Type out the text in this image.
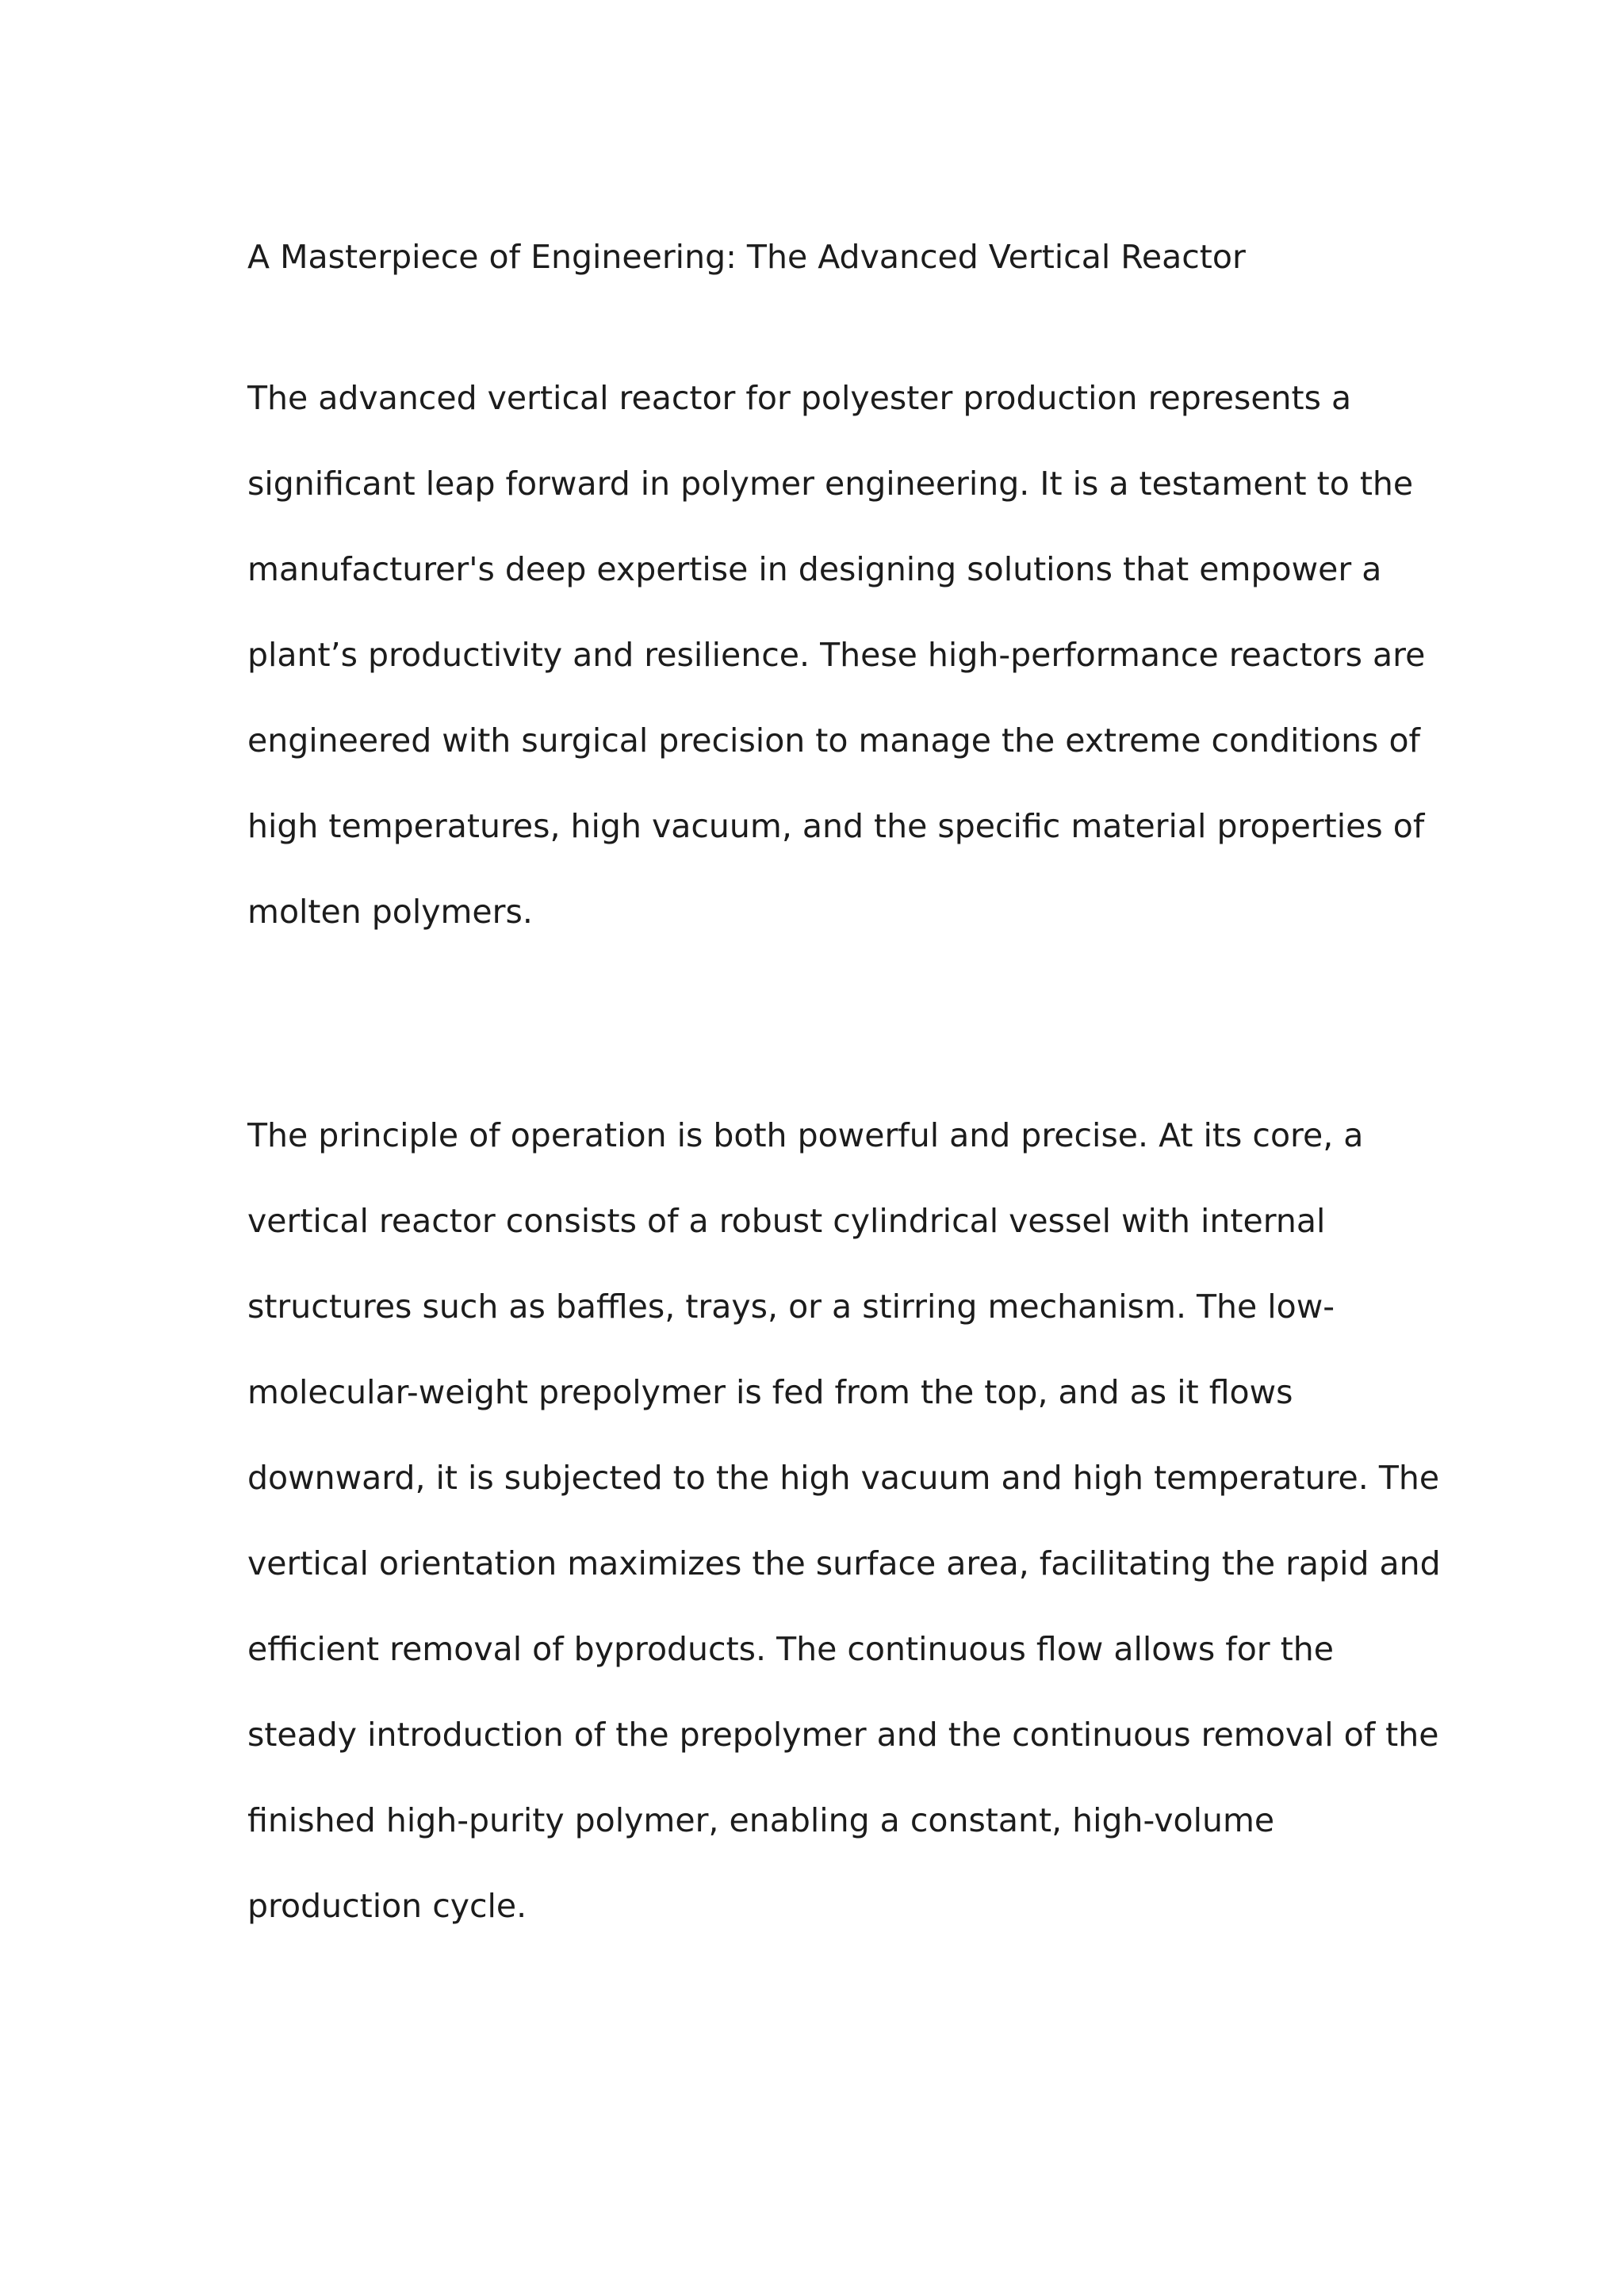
A Masterpiece of Engineering: The Advanced Vertical Reactor
The advanced vertical reactor for polyester production represents a
significant leap forward in polymer engineering. It is a testament to the
manufacturer's deep expertise in designing solutions that empower a
plant’s productivity and resilience. These high-performance reactors are
engineered with surgical precision to manage the extreme conditions of
high temperatures, high vacuum, and the specific material properties of
molten polymers.
The principle of operation is both powerful and precise. At its core, a
vertical reactor consists of a robust cylindrical vessel with internal
structures such as baffles, trays, or a stirring mechanism. The low-
molecular-weight prepolymer is fed from the top, and as it flows
downward, it is subjected to the high vacuum and high temperature. The
vertical orientation maximizes the surface area, facilitating the rapid and
efficient removal of byproducts. The continuous flow allows for the
steady introduction of the prepolymer and the continuous removal of the
finished high-purity polymer, enabling a constant, high-volume
production cycle.
